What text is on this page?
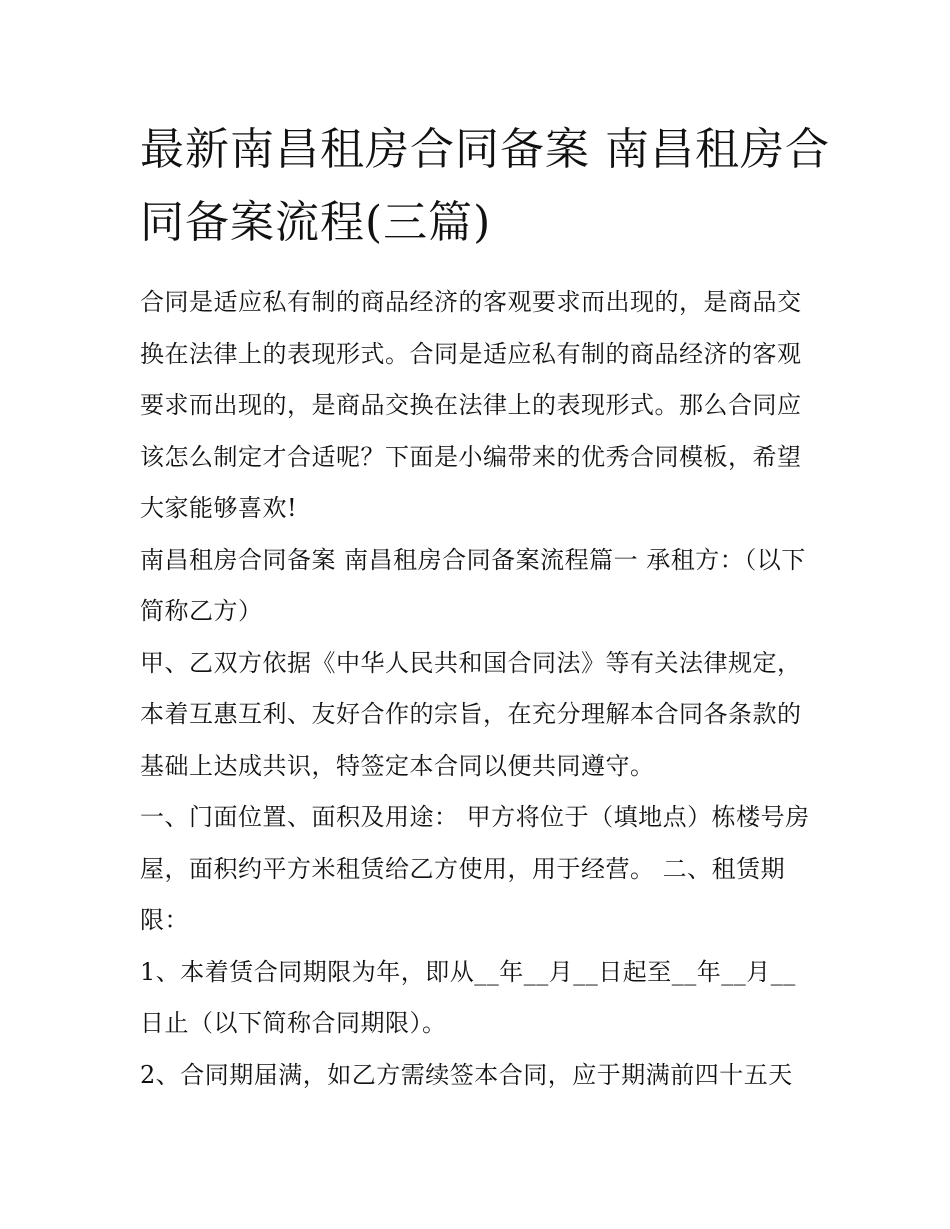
最新南昌租房合同备案 南昌租房合同备案流程(三篇)

合同是适应私有制的商品经济的客观要求而出现的，是商品交换在法律上的表现形式。合同是适应私有制的商品经济的客观要求而出现的，是商品交换在法律上的表现形式。那么合同应该怎么制定才合适呢？下面是小编带来的优秀合同模板，希望大家能够喜欢!

南昌租房合同备案 南昌租房合同备案流程篇一 承租方：（以下简称乙方）

甲、乙双方依据《中华人民共和国合同法》等有关法律规定，本着互惠互利、友好合作的宗旨，在充分理解本合同各条款的基础上达成共识，特签定本合同以便共同遵守。

一、门面位置、面积及用途： 甲方将位于（填地点）栋楼号房屋，面积约平方米租赁给乙方使用，用于经营。 二、租赁期限：

1、本着赁合同期限为年，即从__年__月__日起至__年__月__日止（以下简称合同期限）。

2、合同期届满，如乙方需续签本合同，应于期满前四十五天
